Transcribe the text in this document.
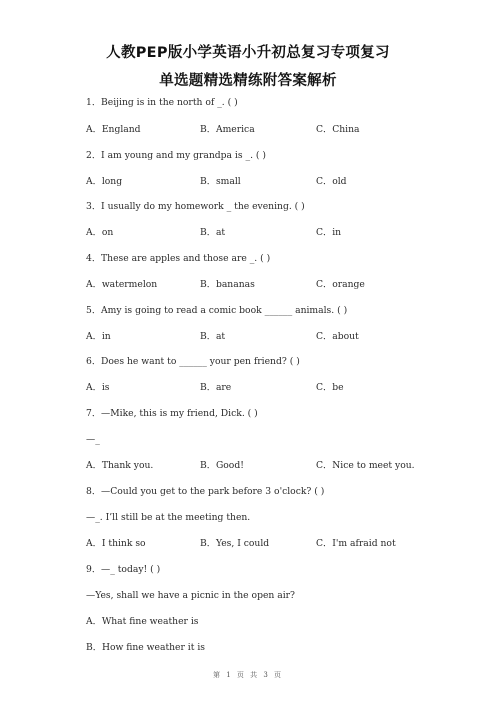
人教PEP版小学英语小升初总复习专项复习
单选题精选精练附答案解析
1．Beijing is in the north of _. ( )
A．England	B．America	C．China
2．I am young and my grandpa is _. ( )
A．long	B．small	C．old
3．I usually do my homework _ the evening. ( )
A．on	B．at	C．in
4．These are apples and those are _. ( )
A．watermelon	B．bananas	C．orange
5．Amy is going to read a comic book ______ animals. ( )
A．in	B．at	C．about
6．Does he want to ______ your pen friend? ( )
A．is	B．are	C．be
7．—Mike, this is my friend, Dick. ( )
—_
A．Thank you.	B．Good!	C．Nice to meet you.
8．—Could you get to the park before 3 o'clock? ( )
—_. I’ll still be at the meeting then.
A．I think so	B．Yes, I could	C．I'm afraid not
9．—_ today! ( )
—Yes, shall we have a picnic in the open air?
A．What fine weather is
B．How fine weather it is
第 1 页 共 3 页
